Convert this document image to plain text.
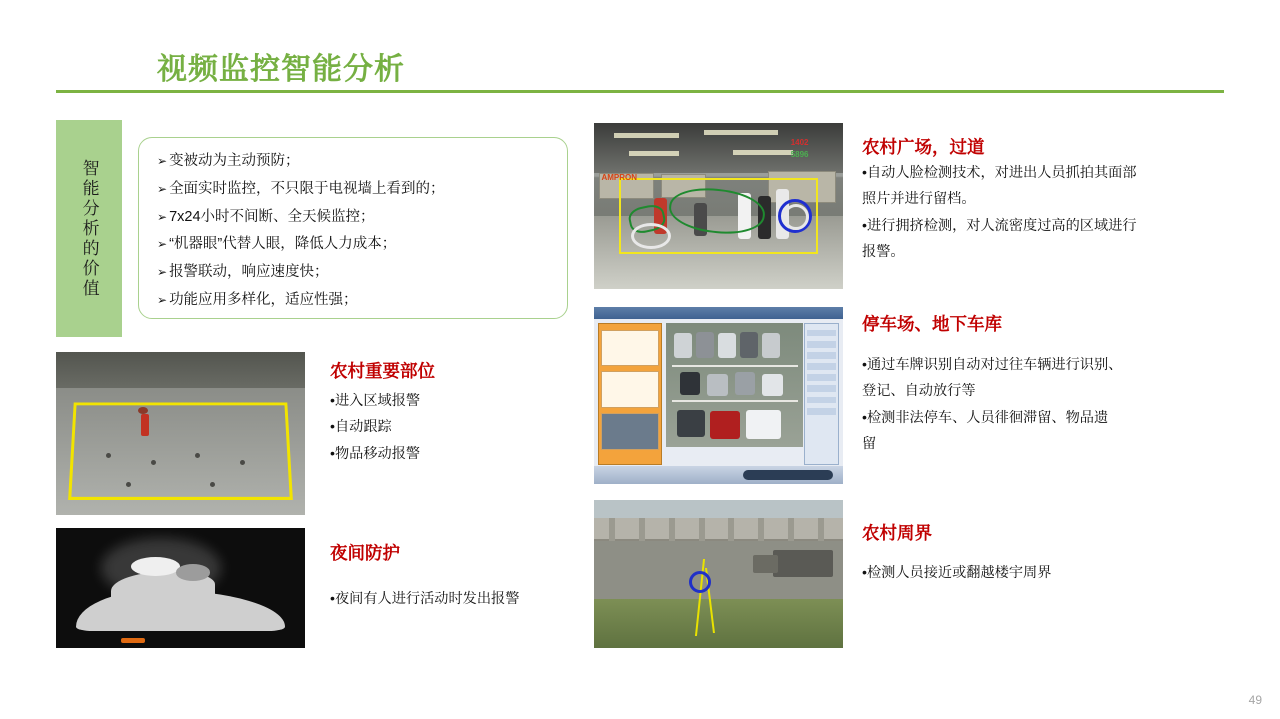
视频监控智能分析
智能分析的价值	➢ 变被动为主动预防；
➢ 全面实时监控，不只限于电视墙上看到的；
➢ 7x24小时不间断、全天候监控；
➢ “机器眼”代替人眼，降低人力成本；
➢ 报警联动，响应速度快；
➢ 功能应用多样化，适应性强；
1402
5896
AMPRON
农村广场，过道
•自动人脸检测技术，对进出人员抓拍其面部
照片并进行留档。
•进行拥挤检测，对人流密度过高的区域进行
报警。
停车场、地下车库
•通过车牌识别自动对过往车辆进行识别、
登记、自动放行等
•检测非法停车、人员徘徊滞留、物品遗
留
农村周界
•检测人员接近或翻越楼宇周界
农村重要部位
•进入区域报警
•自动跟踪
•物品移动报警
夜间防护
•夜间有人进行活动时发出报警
49
